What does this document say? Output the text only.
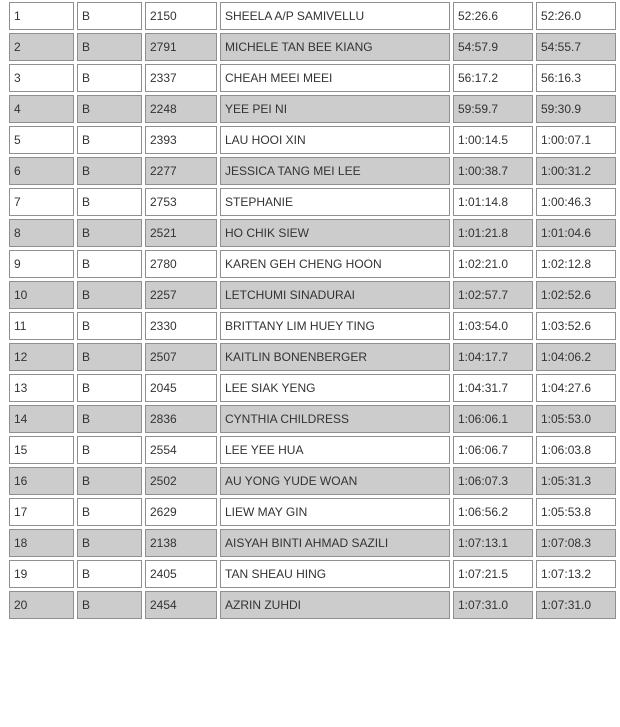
1	B	2150	SHEELA A/P SAMIVELLU	52:26.6	52:26.0
2	B	2791	MICHELE TAN BEE KIANG	54:57.9	54:55.7
3	B	2337	CHEAH MEEI MEEI	56:17.2	56:16.3
4	B	2248	YEE PEI NI	59:59.7	59:30.9
5	B	2393	LAU HOOI XIN	1:00:14.5	1:00:07.1
6	B	2277	JESSICA TANG MEI LEE	1:00:38.7	1:00:31.2
7	B	2753	STEPHANIE	1:01:14.8	1:00:46.3
8	B	2521	HO CHIK SIEW	1:01:21.8	1:01:04.6
9	B	2780	KAREN GEH CHENG HOON	1:02:21.0	1:02:12.8
10	B	2257	LETCHUMI SINADURAI	1:02:57.7	1:02:52.6
11	B	2330	BRITTANY LIM HUEY TING	1:03:54.0	1:03:52.6
12	B	2507	KAITLIN BONENBERGER	1:04:17.7	1:04:06.2
13	B	2045	LEE SIAK YENG	1:04:31.7	1:04:27.6
14	B	2836	CYNTHIA CHILDRESS	1:06:06.1	1:05:53.0
15	B	2554	LEE YEE HUA	1:06:06.7	1:06:03.8
16	B	2502	AU YONG YUDE WOAN	1:06:07.3	1:05:31.3
17	B	2629	LIEW MAY GIN	1:06:56.2	1:05:53.8
18	B	2138	AISYAH BINTI AHMAD SAZILI	1:07:13.1	1:07:08.3
19	B	2405	TAN SHEAU HING	1:07:21.5	1:07:13.2
20	B	2454	AZRIN ZUHDI	1:07:31.0	1:07:31.0
